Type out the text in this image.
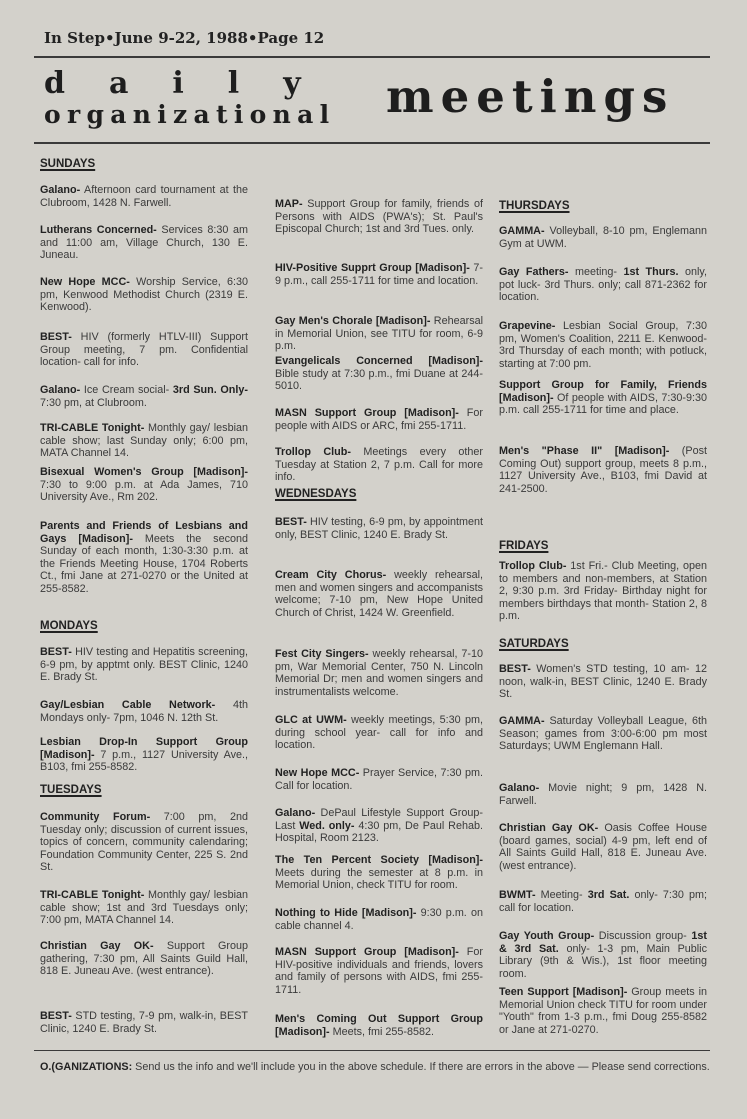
In Step•June 9-22, 1988•Page 12
daily
organizational meetings
SUNDAYS
Galano- Afternoon card tournament at the Clubroom, 1428 N. Farwell.
Lutherans Concerned- Services 8:30 am and 11:00 am, Village Church, 130 E. Juneau.
New Hope MCC- Worship Service, 6:30 pm, Kenwood Methodist Church (2319 E. Kenwood).
BEST- HIV (formerly HTLV-III) Support Group meeting, 7 pm. Confidential location- call for info.
Galano- Ice Cream social- 3rd Sun. Only- 7:30 pm, at Clubroom.
TRI-CABLE Tonight- Monthly gay/ lesbian cable show; last Sunday only; 6:00 pm, MATA Channel 14.
Bisexual Women's Group [Madison]- 7:30 to 9:00 p.m. at Ada James, 710 University Ave., Rm 202.
Parents and Friends of Lesbians and Gays [Madison]- Meets the second Sunday of each month, 1:30-3:30 p.m. at the Friends Meeting House, 1704 Roberts Ct., fmi Jane at 271-0270 or the United at 255-8582.
MONDAYS
BEST- HIV testing and Hepatitis screening, 6-9 pm, by apptmt only. BEST Clinic, 1240 E. Brady St.
Gay/Lesbian Cable Network- 4th Mondays only- 7pm, 1046 N. 12th St.
Lesbian Drop-In Support Group [Madison]- 7 p.m., 1127 University Ave., B103, fmi 255-8582.
TUESDAYS
Community Forum- 7:00 pm, 2nd Tuesday only; discussion of current issues, topics of concern, community calendaring; Foundation Community Center, 225 S. 2nd St.
TRI-CABLE Tonight- Monthly gay/ lesbian cable show; 1st and 3rd Tuesdays only; 7:00 pm, MATA Channel 14.
Christian Gay OK- Support Group gathering, 7:30 pm, All Saints Guild Hall, 818 E. Juneau Ave. (west entrance).
BEST- STD testing, 7-9 pm, walk-in, BEST Clinic, 1240 E. Brady St.
MAP- Support Group for family, friends of Persons with AIDS (PWA's); St. Paul's Episcopal Church; 1st and 3rd Tues. only.
HIV-Positive Supprt Group [Madison]- 7-9 p.m., call 255-1711 for time and location.
Gay Men's Chorale [Madison]- Rehearsal in Memorial Union, see TITU for room, 6-9 p.m.
Evangelicals Concerned [Madison]- Bible study at 7:30 p.m., fmi Duane at 244-5010.
MASN Support Group [Madison]- For people with AIDS or ARC, fmi 255-1711.
Trollop Club- Meetings every other Tuesday at Station 2, 7 p.m. Call for more info.
WEDNESDAYS
BEST- HIV testing, 6-9 pm, by appointment only, BEST Clinic, 1240 E. Brady St.
Cream City Chorus- weekly rehearsal, men and women singers and accompanists welcome; 7-10 pm, New Hope United Church of Christ, 1424 W. Greenfield.
Fest City Singers- weekly rehearsal, 7-10 pm, War Memorial Center, 750 N. Lincoln Memorial Dr; men and women singers and instrumentalists welcome.
GLC at UWM- weekly meetings, 5:30 pm, during school year- call for info and location.
New Hope MCC- Prayer Service, 7:30 pm. Call for location.
Galano- DePaul Lifestyle Support Group- Last Wed. only- 4:30 pm, De Paul Rehab. Hospital, Room 2123.
The Ten Percent Society [Madison]- Meets during the semester at 8 p.m. in Memorial Union, check TITU for room.
Nothing to Hide [Madison]- 9:30 p.m. on cable channel 4.
MASN Support Group [Madison]- For HIV-positive individuals and friends, lovers and family of persons with AIDS, fmi 255-1711.
Men's Coming Out Support Group [Madison]- Meets, fmi 255-8582.
THURSDAYS
GAMMA- Volleyball, 8-10 pm, Englemann Gym at UWM.
Gay Fathers- meeting- 1st Thurs. only, pot luck- 3rd Thurs. only; call 871-2362 for location.
Grapevine- Lesbian Social Group, 7:30 pm, Women's Coalition, 2211 E. Kenwood- 3rd Thursday of each month; with potluck, starting at 7:00 pm.
Support Group for Family, Friends [Madison]- Of people with AIDS, 7:30-9:30 p.m. call 255-1711 for time and place.
Men's "Phase II" [Madison]- (Post Coming Out) support group, meets 8 p.m., 1127 University Ave., B103, fmi David at 241-2500.
FRIDAYS
Trollop Club- 1st Fri.- Club Meeting, open to members and non-members, at Station 2, 9:30 p.m. 3rd Friday- Birthday night for members birthdays that month- Station 2, 8 p.m.
SATURDAYS
BEST- Women's STD testing, 10 am- 12 noon, walk-in, BEST Clinic, 1240 E. Brady St.
GAMMA- Saturday Volleyball League, 6th Season; games from 3:00-6:00 pm most Saturdays; UWM Englemann Hall.
Galano- Movie night; 9 pm, 1428 N. Farwell.
Christian Gay OK- Oasis Coffee House (board games, social) 4-9 pm, left end of All Saints Guild Hall, 818 E. Juneau Ave. (west entrance).
BWMT- Meeting- 3rd Sat. only- 7:30 pm; call for location.
Gay Youth Group- Discussion group- 1st & 3rd Sat. only- 1-3 pm, Main Public Library (9th & Wis.), 1st floor meeting room.
Teen Support [Madison]- Group meets in Memorial Union check TITU for room under "Youth" from 1-3 p.m., fmi Doug 255-8582 or Jane at 271-0270.
O.(GANIZATIONS: Send us the info and we'll include you in the above schedule. If there are errors in the above — Please send corrections.
